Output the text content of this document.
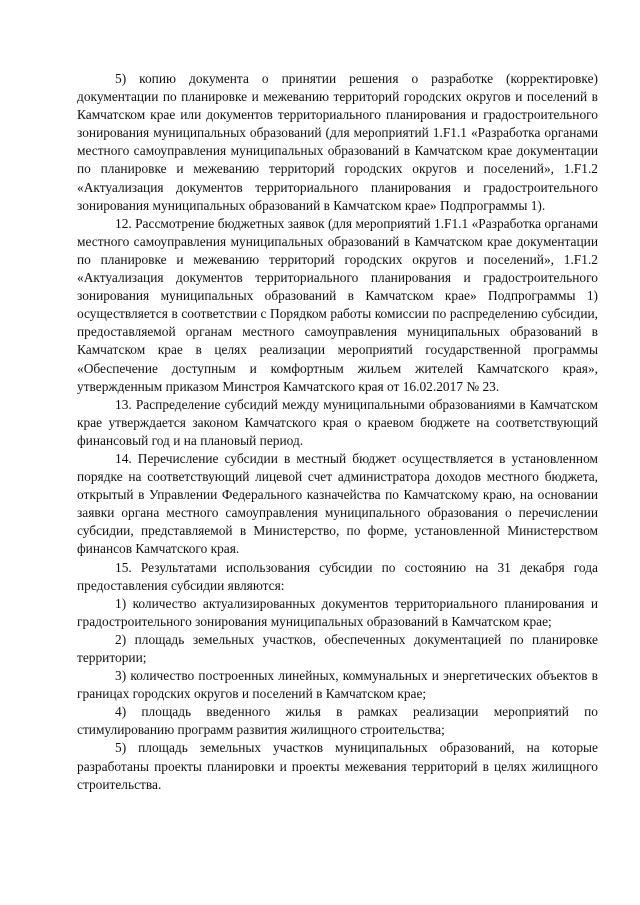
5) копию документа о принятии решения о разработке (корректировке) документации по планировке и межеванию территорий городских округов и поселений в Камчатском крае или документов территориального планирования и градостроительного зонирования муниципальных образований (для мероприятий 1.F1.1 «Разработка органами местного самоуправления муниципальных образований в Камчатском крае документации по планировке и межеванию территорий городских округов и поселений», 1.F1.2 «Актуализация документов территориального планирования и градостроительного зонирования муниципальных образований в Камчатском крае» Подпрограммы 1).

12. Рассмотрение бюджетных заявок (для мероприятий 1.F1.1 «Разработка органами местного самоуправления муниципальных образований в Камчатском крае документации по планировке и межеванию территорий городских округов и поселений», 1.F1.2 «Актуализация документов территориального планирования и градостроительного зонирования муниципальных образований в Камчатском крае» Подпрограммы 1) осуществляется в соответствии с Порядком работы комиссии по распределению субсидии, предоставляемой органам местного самоуправления муниципальных образований в Камчатском крае в целях реализации мероприятий государственной программы «Обеспечение доступным и комфортным жильем жителей Камчатского края», утвержденным приказом Минстроя Камчатского края от 16.02.2017 № 23.

13. Распределение субсидий между муниципальными образованиями в Камчатском крае утверждается законом Камчатского края о краевом бюджете на соответствующий финансовый год и на плановый период.

14. Перечисление субсидии в местный бюджет осуществляется в установленном порядке на соответствующий лицевой счет администратора доходов местного бюджета, открытый в Управлении Федерального казначейства по Камчатскому краю, на основании заявки органа местного самоуправления муниципального образования о перечислении субсидии, представляемой в Министерство, по форме, установленной Министерством финансов Камчатского края.

15. Результатами использования субсидии по состоянию на 31 декабря года предоставления субсидии являются:

1) количество актуализированных документов территориального планирования и градостроительного зонирования муниципальных образований в Камчатском крае;

2) площадь земельных участков, обеспеченных документацией по планировке территории;

3) количество построенных линейных, коммунальных и энергетических объектов в границах городских округов и поселений в Камчатском крае;

4) площадь введенного жилья в рамках реализации мероприятий по стимулированию программ развития жилищного строительства;

5) площадь земельных участков муниципальных образований, на которые разработаны проекты планировки и проекты межевания территорий в целях жилищного строительства.
